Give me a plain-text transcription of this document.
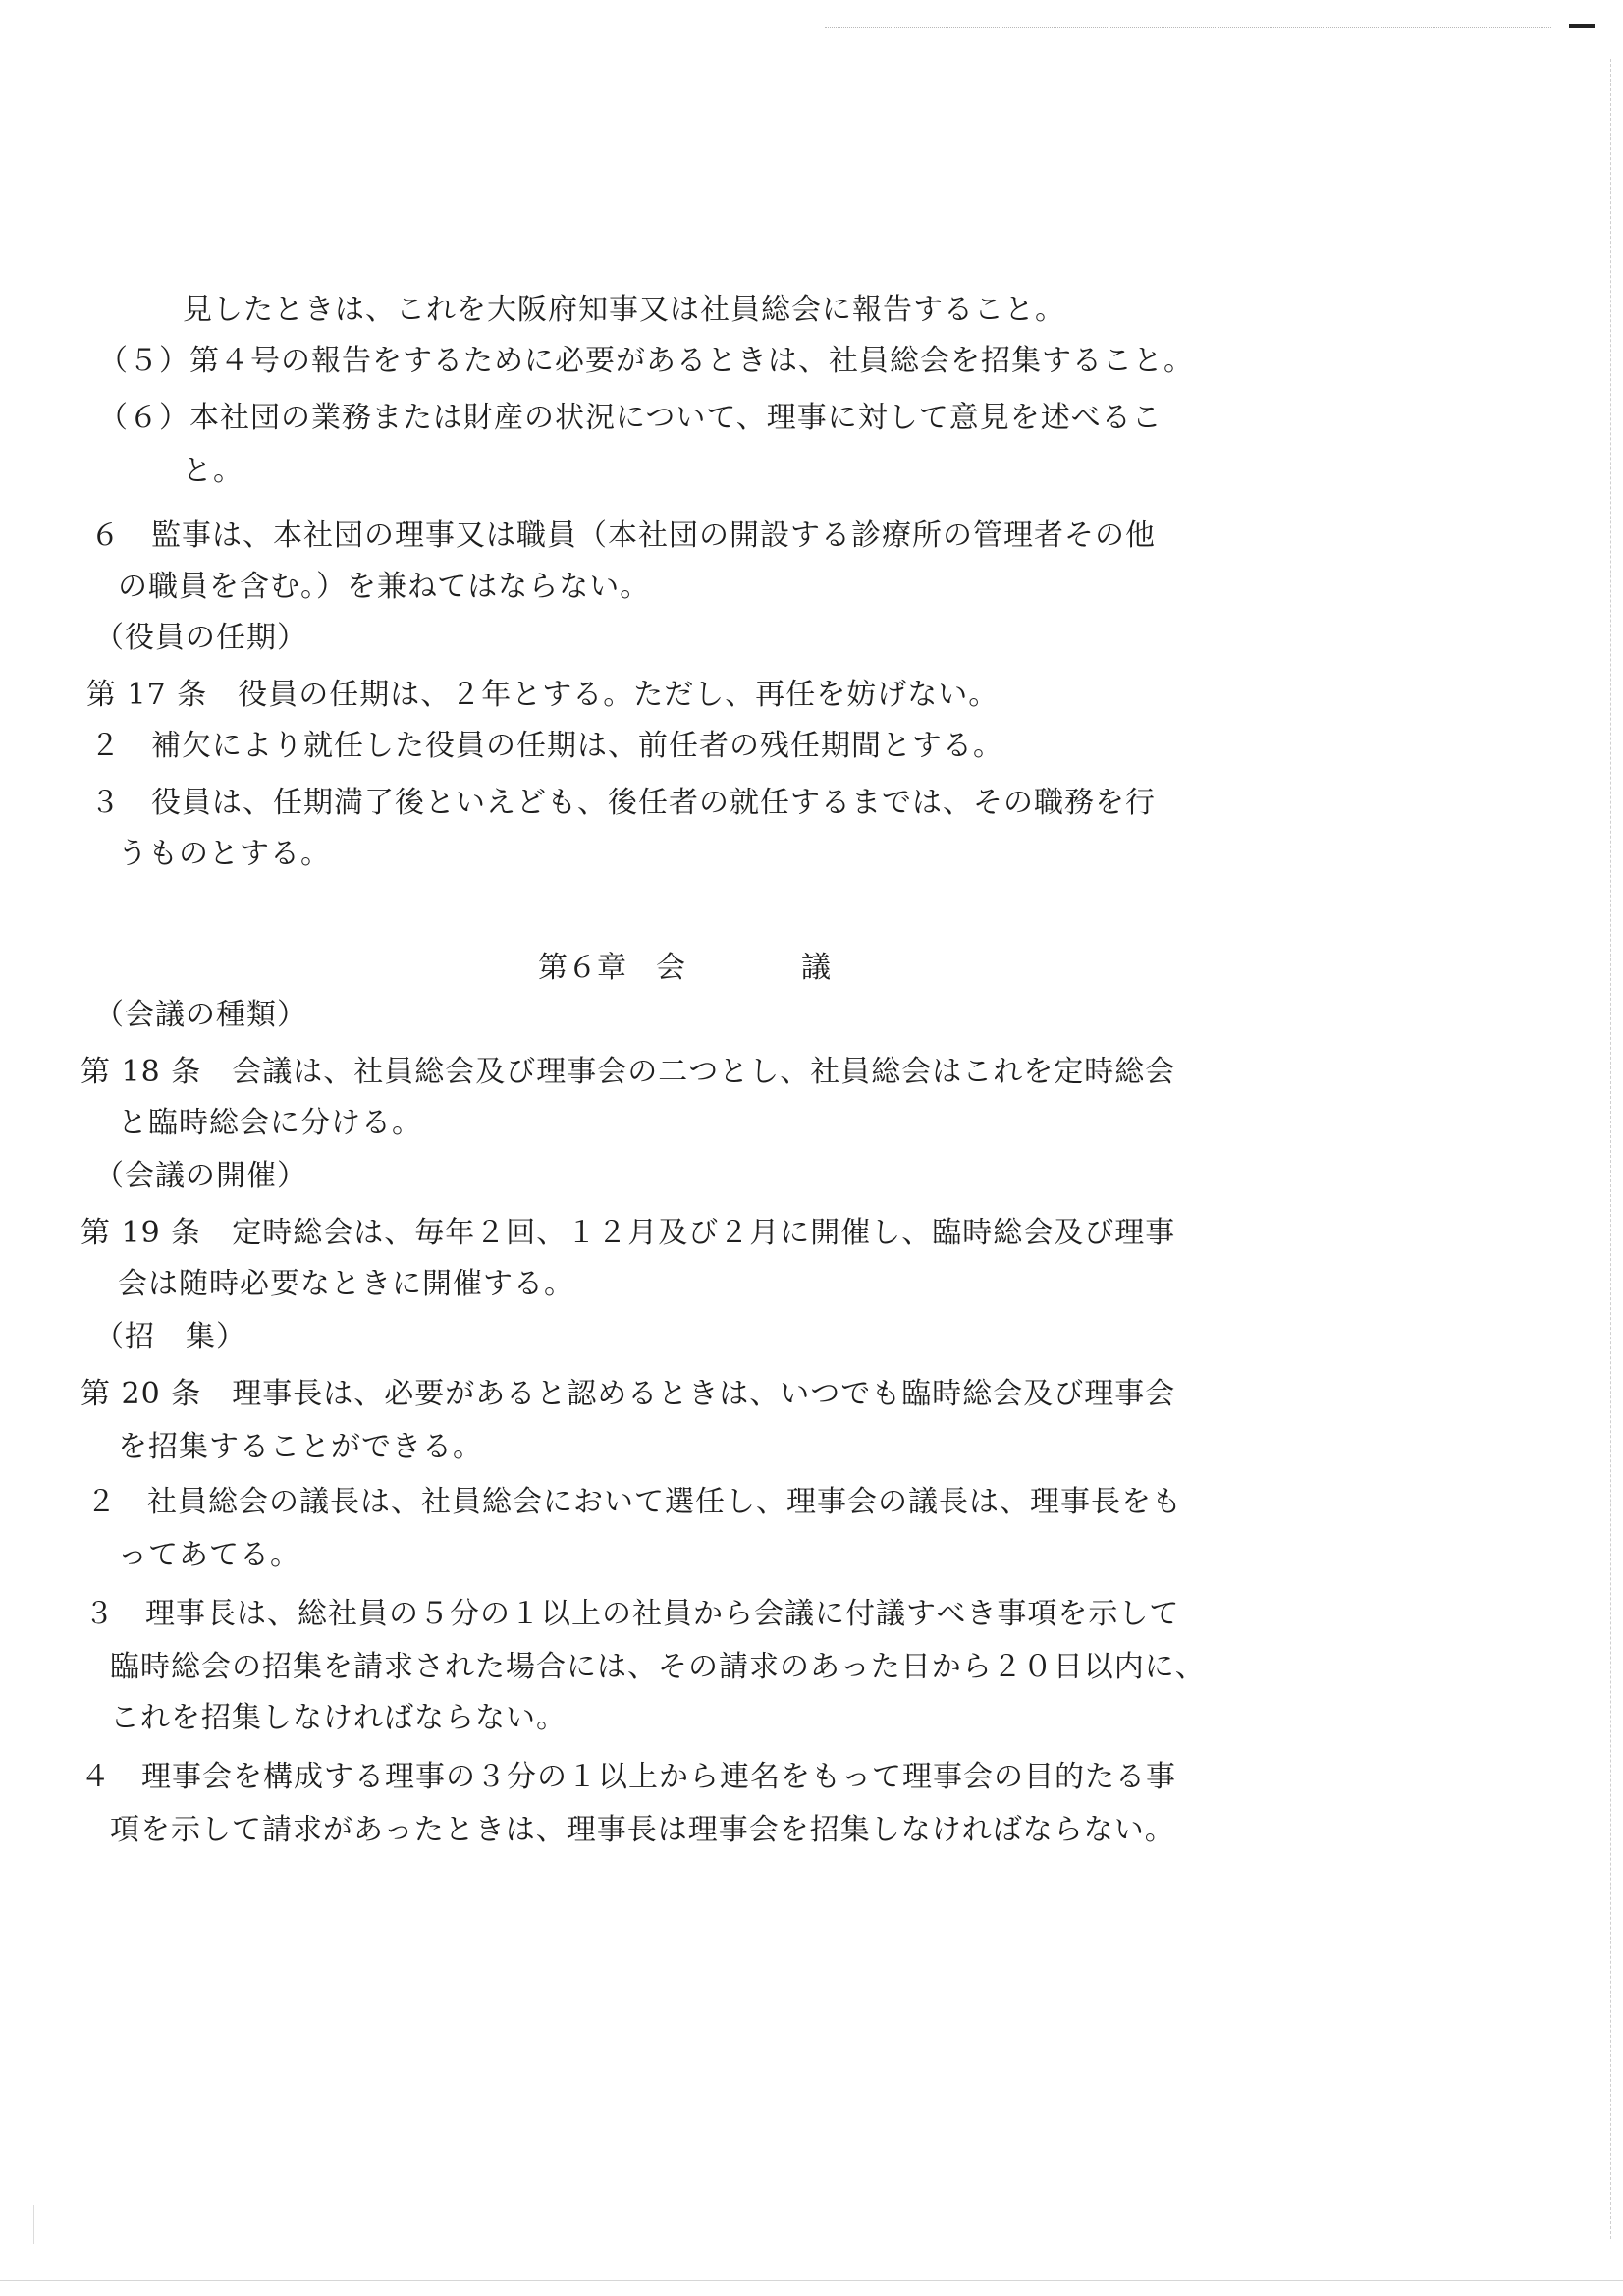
見したときは、これを大阪府知事又は社員総会に報告すること。
（５）第４号の報告をするために必要があるときは、社員総会を招集すること。
（６）本社団の業務または財産の状況について、理事に対して意見を述べるこ
と。
６　監事は、本社団の理事又は職員（本社団の開設する診療所の管理者その他
の職員を含む。）を兼ねてはならない。
（役員の任期）
第 17 条　役員の任期は、２年とする。ただし、再任を妨げない。
２　補欠により就任した役員の任期は、前任者の残任期間とする。
３　役員は、任期満了後といえども、後任者の就任するまでは、その職務を行
うものとする。
第６章 会	議
（会議の種類）
第 18 条　会議は、社員総会及び理事会の二つとし、社員総会はこれを定時総会
と臨時総会に分ける。
（会議の開催）
第 19 条　定時総会は、毎年２回、１２月及び２月に開催し、臨時総会及び理事
会は随時必要なときに開催する。
（招　集）
第 20 条　理事長は、必要があると認めるときは、いつでも臨時総会及び理事会
を招集することができる。
２　社員総会の議長は、社員総会において選任し、理事会の議長は、理事長をも
ってあてる。
３　理事長は、総社員の５分の１以上の社員から会議に付議すべき事項を示して
臨時総会の招集を請求された場合には、その請求のあった日から２０日以内に、
これを招集しなければならない。
４　理事会を構成する理事の３分の１以上から連名をもって理事会の目的たる事
項を示して請求があったときは、理事長は理事会を招集しなければならない。
